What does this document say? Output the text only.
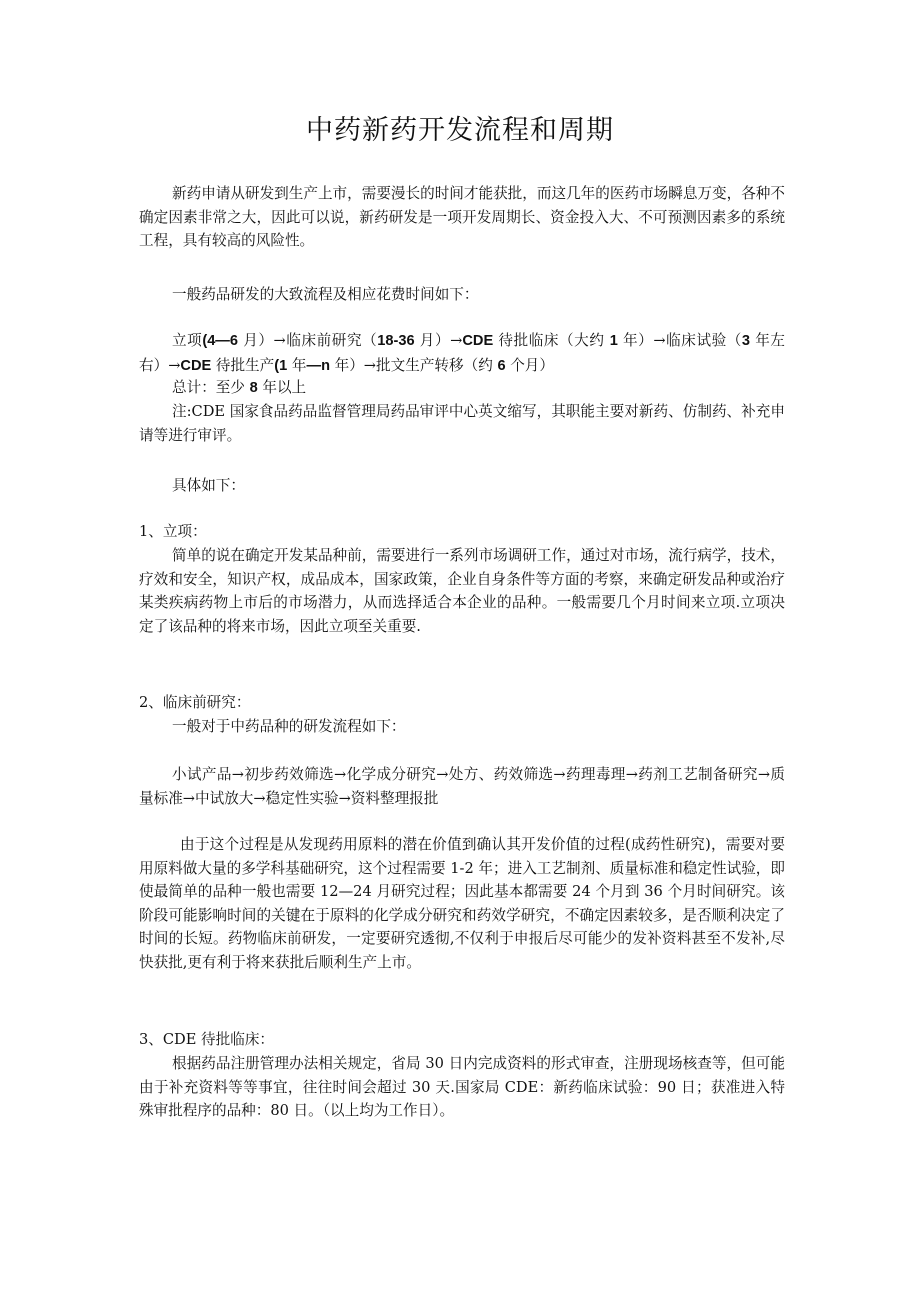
中药新药开发流程和周期
新药申请从研发到生产上市，需要漫长的时间才能获批，而这几年的医药市场瞬息万变，各种不确定因素非常之大，因此可以说，新药研发是一项开发周期长、资金投入大、不可预测因素多的系统工程，具有较高的风险性。
一般药品研发的大致流程及相应花费时间如下：
立项(4—6 月）→临床前研究（18-36 月）→CDE 待批临床（大约 1 年）→临床试验（3 年左右）→CDE 待批生产(1 年—n 年）→批文生产转移（约 6 个月）
总计：至少 8 年以上
注:CDE 国家食品药品监督管理局药品审评中心英文缩写，其职能主要对新药、仿制药、补充申请等进行审评。
具体如下：
1、立项：
简单的说在确定开发某品种前，需要进行一系列市场调研工作，通过对市场，流行病学，技术，疗效和安全，知识产权，成品成本，国家政策，企业自身条件等方面的考察，来确定研发品种或治疗某类疾病药物上市后的市场潜力，从而选择适合本企业的品种。一般需要几个月时间来立项.立项决定了该品种的将来市场，因此立项至关重要.
2、临床前研究：
一般对于中药品种的研发流程如下：
小试产品→初步药效筛选→化学成分研究→处方、药效筛选→药理毒理→药剂工艺制备研究→质量标准→中试放大→稳定性实验→资料整理报批
由于这个过程是从发现药用原料的潜在价值到确认其开发价值的过程(成药性研究)，需要对要用原料做大量的多学科基础研究，这个过程需要 1-2 年；进入工艺制剂、质量标准和稳定性试验，即使最简单的品种一般也需要 12—24 月研究过程；因此基本都需要 24 个月到 36 个月时间研究。该阶段可能影响时间的关键在于原料的化学成分研究和药效学研究，不确定因素较多，是否顺利决定了时间的长短。药物临床前研发，一定要研究透彻,不仅利于申报后尽可能少的发补资料甚至不发补,尽快获批,更有利于将来获批后顺利生产上市。
3、CDE 待批临床：
根据药品注册管理办法相关规定，省局 30 日内完成资料的形式审查，注册现场核查等，但可能由于补充资料等等事宜，往往时间会超过 30 天.国家局 CDE：新药临床试验：90 日；获准进入特殊审批程序的品种：80 日。（以上均为工作日）。
